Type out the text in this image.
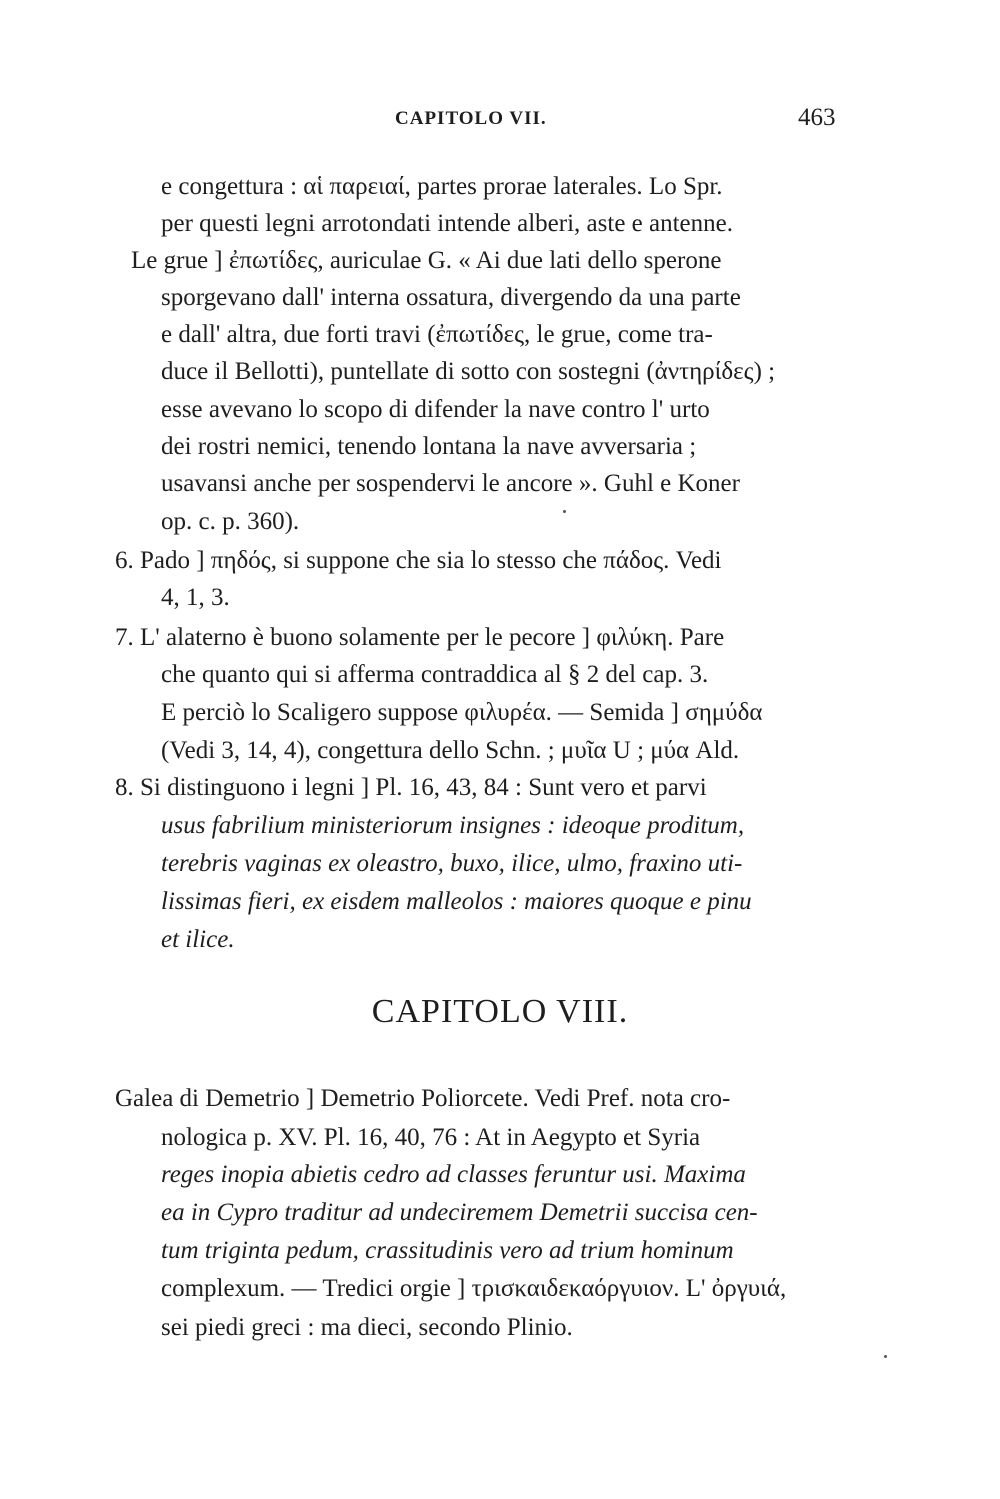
CAPITOLO VII.	463
e congettura : αἱ παρειαί, partes prorae laterales. Lo Spr.
per questi legni arrotondati intende alberi, aste e antenne.
Le grue ] ἐπωτίδες, auriculae G. « Ai due lati dello sperone
sporgevano dall' interna ossatura, divergendo da una parte
e dall' altra, due forti travi (ἐπωτίδες, le grue, come tra-
duce il Bellotti), puntellate di sotto con sostegni (ἀντηρίδες) ;
esse avevano lo scopo di difender la nave contro l' urto
dei rostri nemici, tenendo lontana la nave avversaria ;
usavansi anche per sospendervi le ancore ». Guhl e Koner
op. c. p. 360).
6. Pado ] πηδός, si suppone che sia lo stesso che πάδος. Vedi
4, 1, 3.
7. L' alaterno è buono solamente per le pecore ] φιλύκη. Pare
che quanto qui si afferma contraddica al § 2 del cap. 3.
E perciò lo Scaligero suppose φιλυρέα. — Semida ] σημύδα
(Vedi 3, 14, 4), congettura dello Schn. ; μυῖα U ; μύα Ald.
8. Si distinguono i legni ] Pl. 16, 43, 84 : Sunt vero et parvi
usus fabrilium ministeriorum insignes : ideoque proditum,
terebris vaginas ex oleastro, buxo, ilice, ulmo, fraxino uti-
lissimas fieri, ex eisdem malleolos : maiores quoque e pinu
et ilice.
CAPITOLO VIII.
Galea di Demetrio ] Demetrio Poliorcete. Vedi Pref. nota cro-
nologica p. XV. Pl. 16, 40, 76 : At in Aegypto et Syria
reges inopia abietis cedro ad classes feruntur usi. Maxima
ea in Cypro traditur ad undeciremem Demetrii succisa cen-
tum triginta pedum, crassitudinis vero ad trium hominum
complexum. — Tredici orgie ] τρισκαιδεκαόργυιον. L' ὀργυιά,
sei piedi greci : ma dieci, secondo Plinio.
